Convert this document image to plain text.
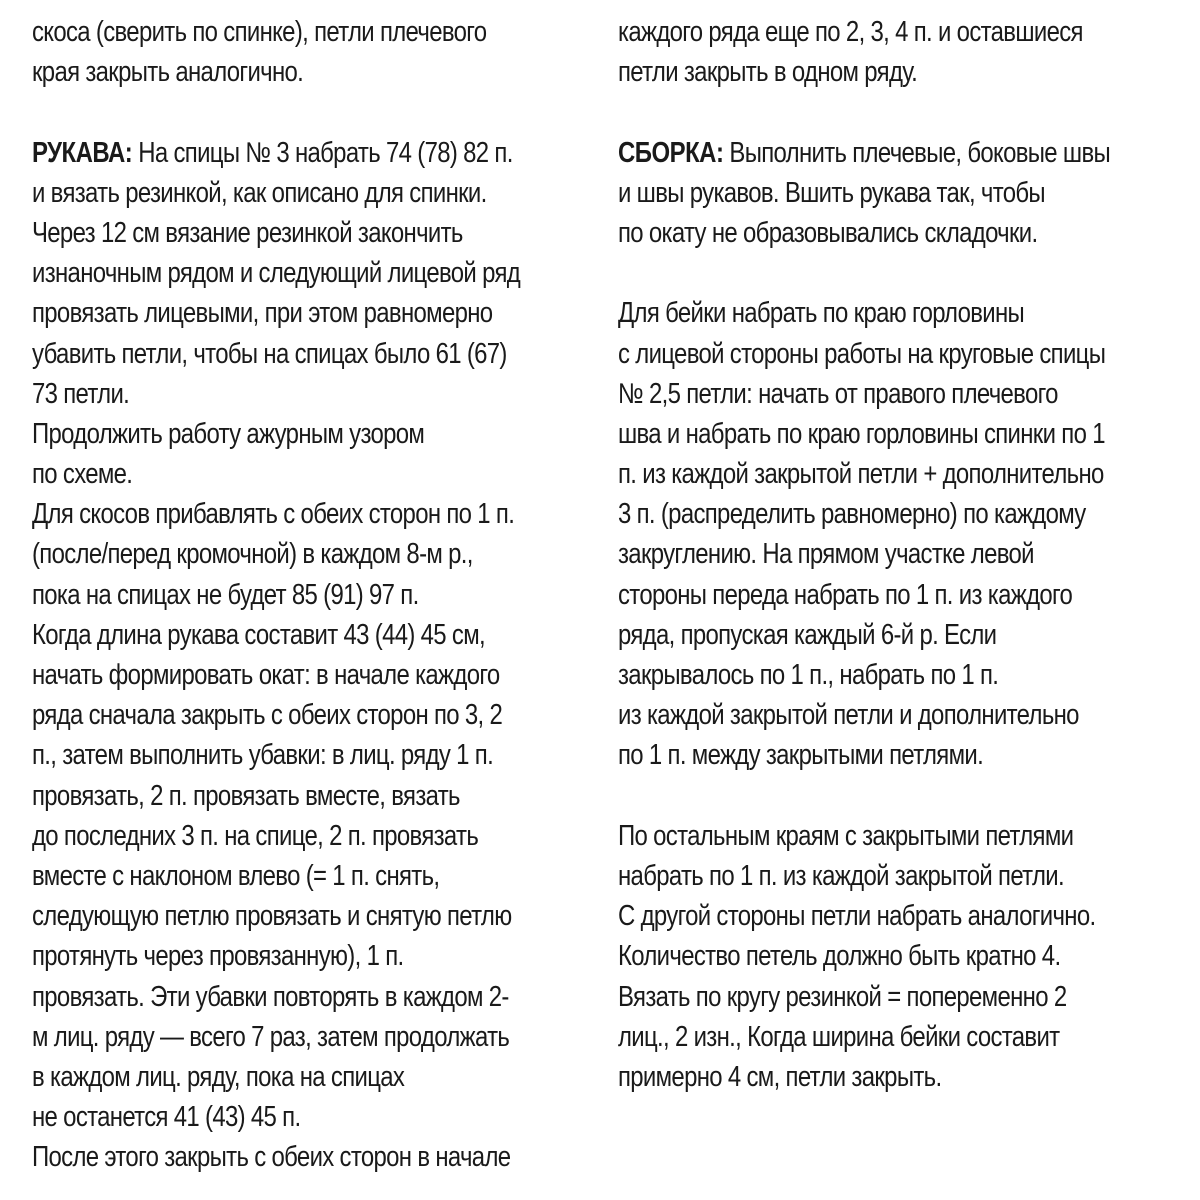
скоса (сверить по спинке), петли плечевого
края закрыть аналогично.
РУКАВА: На спицы № 3 набрать 74 (78) 82 п.
и вязать резинкой, как описано для спинки.
Через 12 см вязание резинкой закончить
изнаночным рядом и следующий лицевой ряд
провязать лицевыми, при этом равномерно
убавить петли, чтобы на спицах было 61 (67)
73 петли.
Продолжить работу ажурным узором
по схеме.
Для скосов прибавлять с обеих сторон по 1 п.
(после/перед кромочной) в каждом 8-м р.,
пока на спицах не будет 85 (91) 97 п.
Когда длина рукава составит 43 (44) 45 см,
начать формировать окат: в начале каждого
ряда сначала закрыть с обеих сторон по 3, 2
п., затем выполнить убавки: в лиц. ряду 1 п.
провязать, 2 п. провязать вместе, вязать
до последних 3 п. на спице, 2 п. провязать
вместе с наклоном влево (= 1 п. снять,
следующую петлю провязать и снятую петлю
протянуть через провязанную), 1 п.
провязать. Эти убавки повторять в каждом 2-
м лиц. ряду — всего 7 раз, затем продолжать
в каждом лиц. ряду, пока на спицах
не останется 41 (43) 45 п.
После этого закрыть с обеих сторон в начале
каждого ряда еще по 2, 3, 4 п. и оставшиеся
петли закрыть в одном ряду.
СБОРКА: Выполнить плечевые, боковые швы
и швы рукавов. Вшить рукава так, чтобы
по окату не образовывались складочки.
Для бейки набрать по краю горловины
с лицевой стороны работы на круговые спицы
№ 2,5 петли: начать от правого плечевого
шва и набрать по краю горловины спинки по 1
п. из каждой закрытой петли + дополнительно
3 п. (распределить равномерно) по каждому
закруглению. На прямом участке левой
стороны переда набрать по 1 п. из каждого
ряда, пропуская каждый 6-й р. Если
закрывалось по 1 п., набрать по 1 п.
из каждой закрытой петли и дополнительно
по 1 п. между закрытыми петлями.
По остальным краям с закрытыми петлями
набрать по 1 п. из каждой закрытой петли.
С другой стороны петли набрать аналогично.
Количество петель должно быть кратно 4.
Вязать по кругу резинкой = попеременно 2
лиц., 2 изн., Когда ширина бейки составит
примерно 4 см, петли закрыть.
